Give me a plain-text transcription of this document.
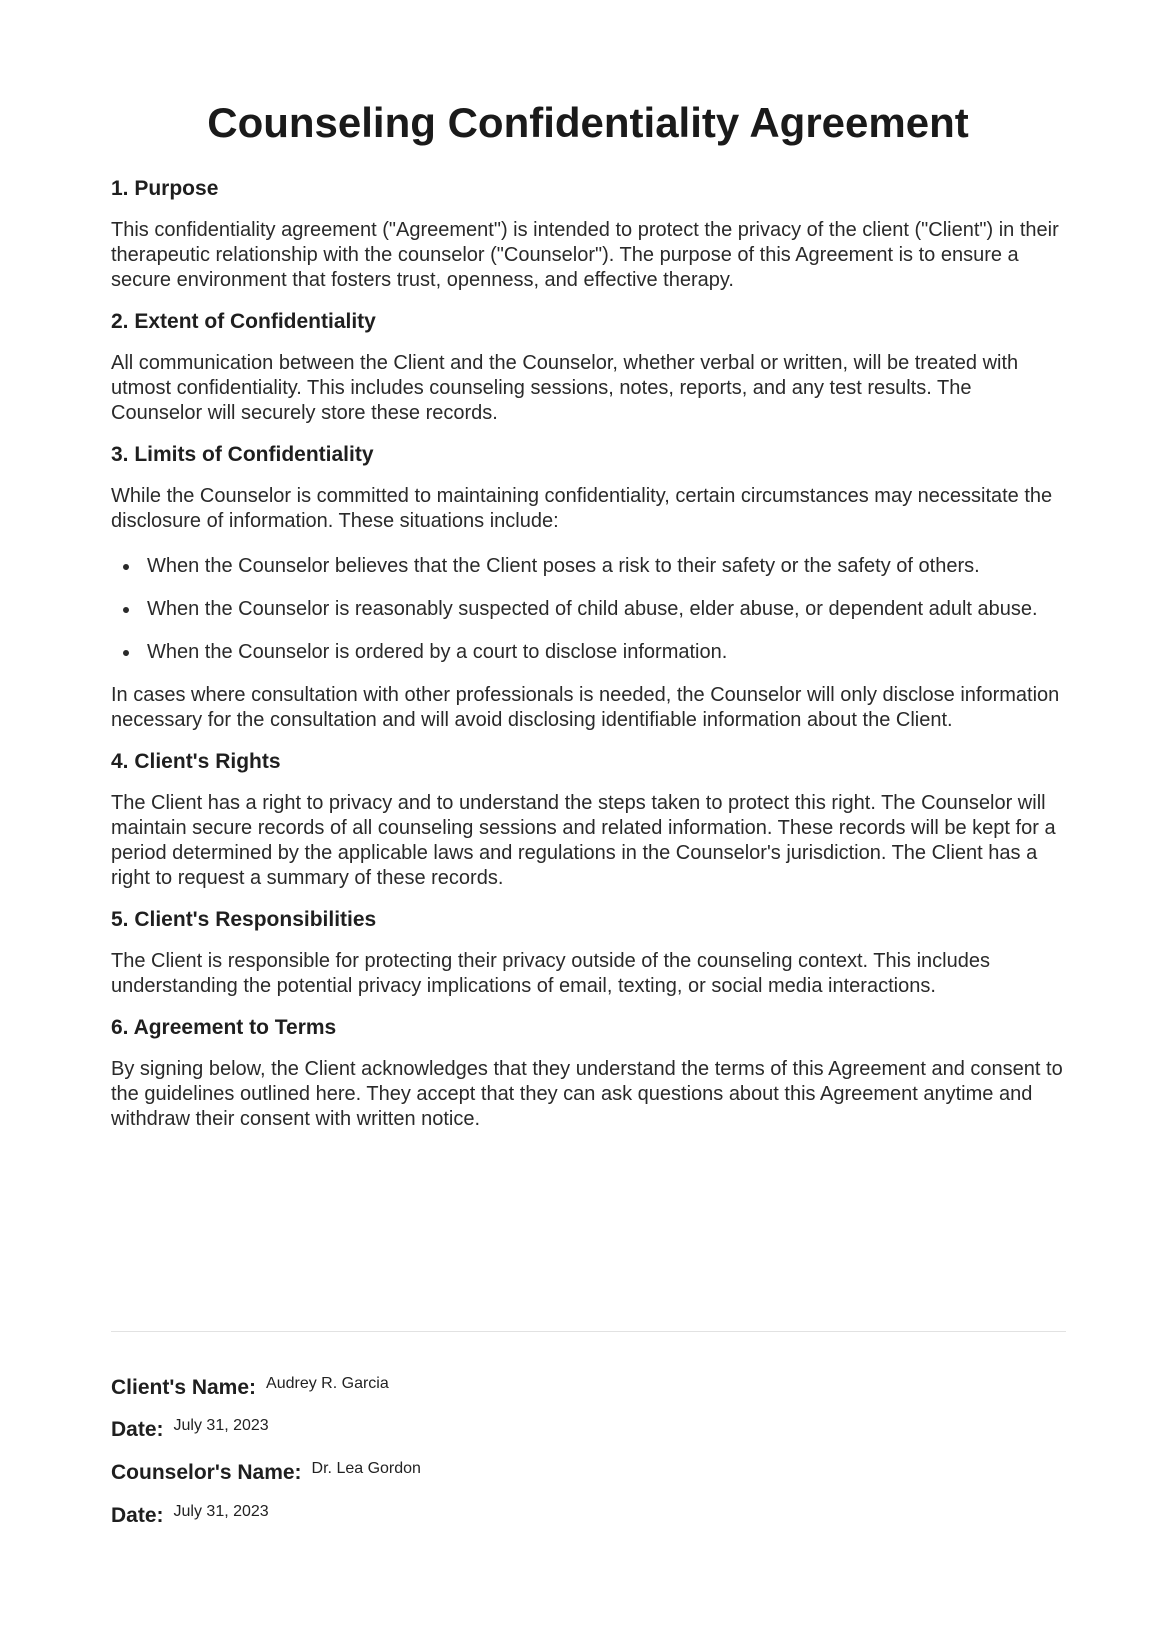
Counseling Confidentiality Agreement
1. Purpose

This confidentiality agreement ("Agreement") is intended to protect the privacy of the client ("Client") in their therapeutic relationship with the counselor ("Counselor"). The purpose of this Agreement is to ensure a secure environment that fosters trust, openness, and effective therapy.

2. Extent of Confidentiality

All communication between the Client and the Counselor, whether verbal or written, will be treated with utmost confidentiality. This includes counseling sessions, notes, reports, and any test results. The Counselor will securely store these records.

3. Limits of Confidentiality

While the Counselor is committed to maintaining confidentiality, certain circumstances may necessitate the disclosure of information. These situations include:

When the Counselor believes that the Client poses a risk to their safety or the safety of others.
When the Counselor is reasonably suspected of child abuse, elder abuse, or dependent adult abuse.
When the Counselor is ordered by a court to disclose information.

In cases where consultation with other professionals is needed, the Counselor will only disclose information necessary for the consultation and will avoid disclosing identifiable information about the Client.

4. Client's Rights

The Client has a right to privacy and to understand the steps taken to protect this right. The Counselor will maintain secure records of all counseling sessions and related information. These records will be kept for a period determined by the applicable laws and regulations in the Counselor's jurisdiction. The Client has a right to request a summary of these records.

5. Client's Responsibilities

The Client is responsible for protecting their privacy outside of the counseling context. This includes understanding the potential privacy implications of email, texting, or social media interactions.

6. Agreement to Terms

By signing below, the Client acknowledges that they understand the terms of this Agreement and consent to the guidelines outlined here. They accept that they can ask questions about this Agreement anytime and withdraw their consent with written notice.

Client's Name: Audrey R. Garcia
Date: July 31, 2023
Counselor's Name: Dr. Lea Gordon
Date: July 31, 2023
